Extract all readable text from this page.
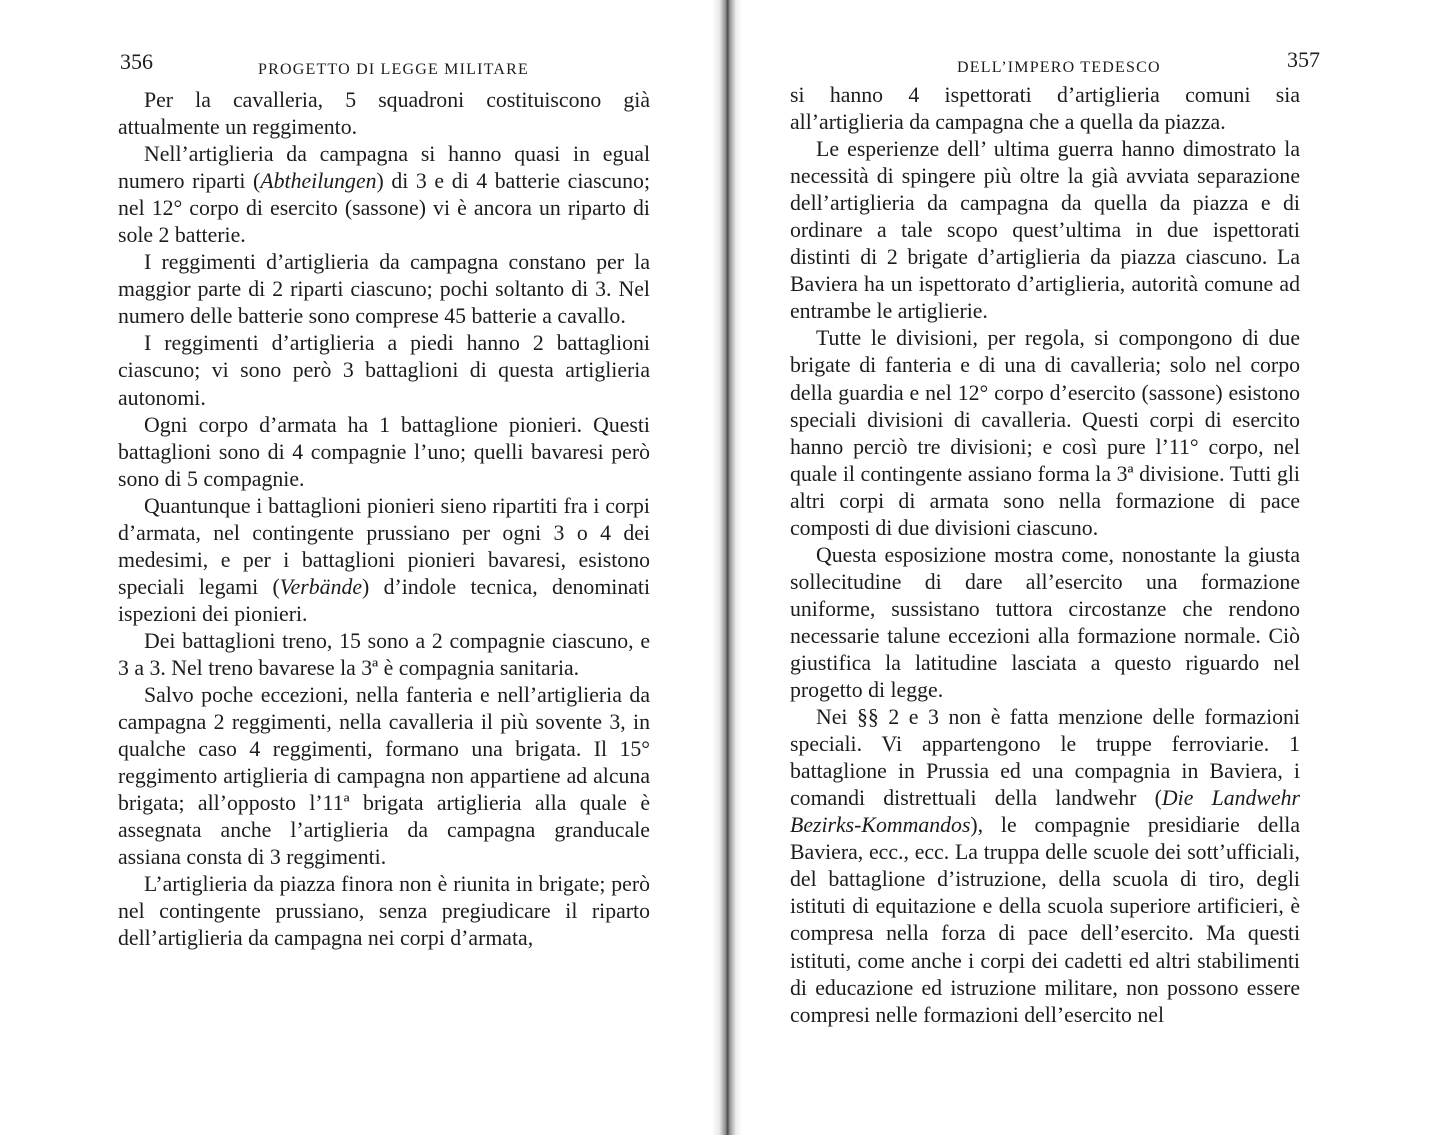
356	PROGETTO DI LEGGE MILITARE

Per la cavalleria, 5 squadroni costituiscono già attualmente un reggimento.

Nell’artiglieria da campagna si hanno quasi in egual numero riparti (Abtheilungen) di 3 e di 4 batterie ciascuno; nel 12° corpo di esercito (sassone) vi è ancora un riparto di sole 2 batterie.

I reggimenti d’artiglieria da campagna constano per la maggior parte di 2 riparti ciascuno; pochi soltanto di 3. Nel numero delle batterie sono comprese 45 batterie a cavallo.

I reggimenti d’artiglieria a piedi hanno 2 battaglioni ciascuno; vi sono però 3 battaglioni di questa artiglieria autonomi.

Ogni corpo d’armata ha 1 battaglione pionieri. Questi battaglioni sono di 4 compagnie l’uno; quelli bavaresi però sono di 5 compagnie.

Quantunque i battaglioni pionieri sieno ripartiti fra i corpi d’armata, nel contingente prussiano per ogni 3 o 4 dei medesimi, e per i battaglioni pionieri bavaresi, esistono speciali legami (Verbände) d’indole tecnica, denominati ispezioni dei pionieri.

Dei battaglioni treno, 15 sono a 2 compagnie ciascuno, e 3 a 3. Nel treno bavarese la 3ª è compagnia sanitaria.

Salvo poche eccezioni, nella fanteria e nell’artiglieria da campagna 2 reggimenti, nella cavalleria il più sovente 3, in qualche caso 4 reggimenti, formano una brigata. Il 15° reggimento artiglieria di campagna non appartiene ad alcuna brigata; all’opposto l’11ª brigata artiglieria alla quale è assegnata anche l’artiglieria da campagna granducale assiana consta di 3 reggimenti.

L’artiglieria da piazza finora non è riunita in brigate; però nel contingente prussiano, senza pregiudicare il riparto dell’artiglieria da campagna nei corpi d’armata,

DELL’IMPERO TEDESCO	357

si hanno 4 ispettorati d’artiglieria comuni sia all’artiglieria da campagna che a quella da piazza.

Le esperienze dell’ ultima guerra hanno dimostrato la necessità di spingere più oltre la già avviata separazione dell’artiglieria da campagna da quella da piazza e di ordinare a tale scopo quest’ultima in due ispettorati distinti di 2 brigate d’artiglieria da piazza ciascuno. La Baviera ha un ispettorato d’artiglieria, autorità comune ad entrambe le artiglierie.

Tutte le divisioni, per regola, si compongono di due brigate di fanteria e di una di cavalleria; solo nel corpo della guardia e nel 12° corpo d’esercito (sassone) esistono speciali divisioni di cavalleria. Questi corpi di esercito hanno perciò tre divisioni; e così pure l’11° corpo, nel quale il contingente assiano forma la 3ª divisione. Tutti gli altri corpi di armata sono nella formazione di pace composti di due divisioni ciascuno.

Questa esposizione mostra come, nonostante la giusta sollecitudine di dare all’esercito una formazione uniforme, sussistano tuttora circostanze che rendono necessarie talune eccezioni alla formazione normale. Ciò giustifica la latitudine lasciata a questo riguardo nel progetto di legge.

Nei §§ 2 e 3 non è fatta menzione delle formazioni speciali. Vi appartengono le truppe ferroviarie. 1 battaglione in Prussia ed una compagnia in Baviera, i comandi distrettuali della landwehr (Die Landwehr Bezirks-Kommandos), le compagnie presidiarie della Baviera, ecc., ecc. La truppa delle scuole dei sott’ufficiali, del battaglione d’istruzione, della scuola di tiro, degli istituti di equitazione e della scuola superiore artificieri, è compresa nella forza di pace dell’esercito. Ma questi istituti, come anche i corpi dei cadetti ed altri stabilimenti di educazione ed istruzione militare, non possono essere compresi nelle formazioni dell’esercito nel
